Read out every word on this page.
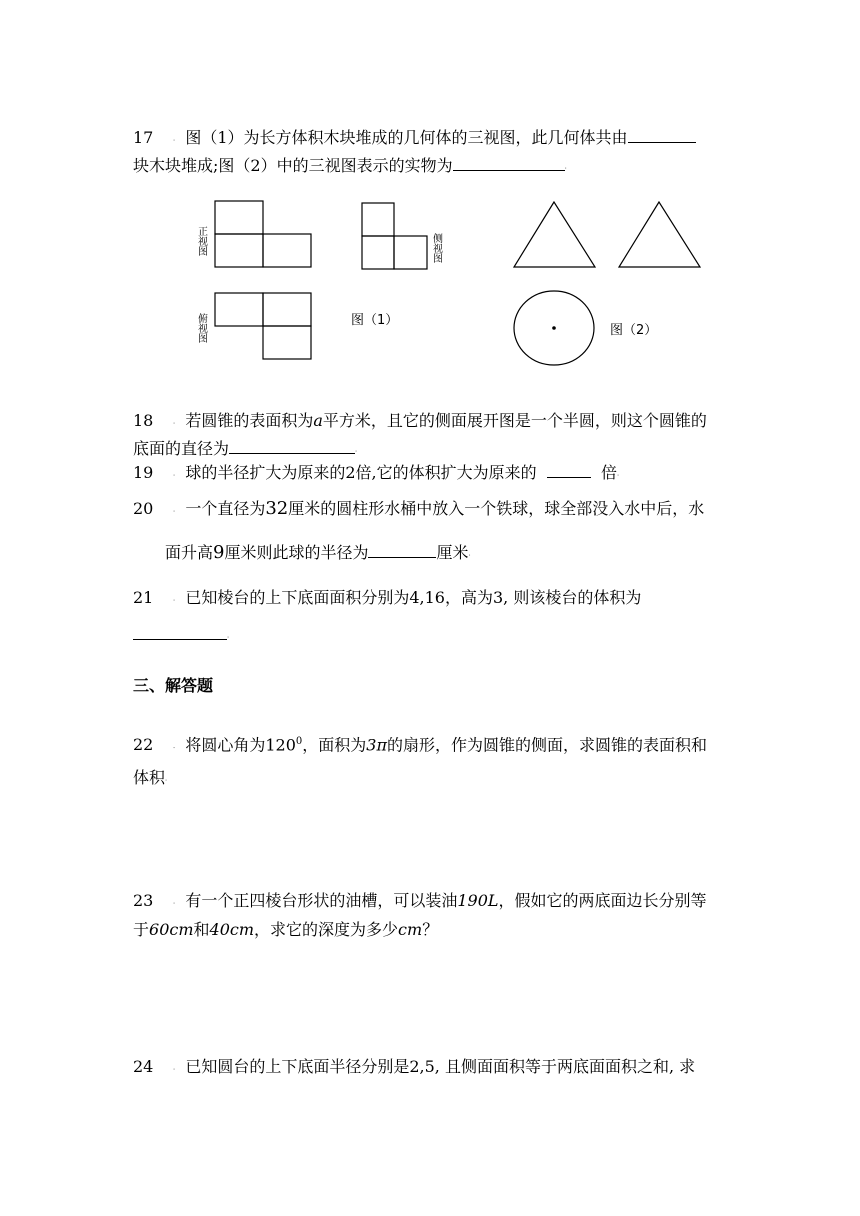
17 ⸱ 图（1）为长方体积木块堆成的几何体的三视图，此几何体共由
块木块堆成;图（2）中的三视图表示的实物为	⸱
正视图	侧视图
俯视图	图（1）
图（2）
18 ⸱ 若圆锥的表面积为a平方米，且它的侧面展开图是一个半圆，则这个圆锥的
底面的直径为	⸱
19 ⸱ 球的半径扩大为原来的2倍,它的体积扩大为原来的	倍⸱
20 ⸱ 一个直径为32厘米的圆柱形水桶中放入一个铁球，球全部没入水中后，水
面升高9厘米则此球的半径为	厘米⸱
21 ⸱ 已知棱台的上下底面面积分别为4,16，高为3, 则该棱台的体积为
⸱
三、解答题
22 ⸱ 将圆心角为$120^0$，面积为3π的扇形，作为圆锥的侧面，求圆锥的表面积和
体积⸱
23 ⸱ 有一个正四棱台形状的油槽，可以装油190L，假如它的两底面边长分别等
于60cm和40cm，求它的深度为多少cm？
24 ⸱ 已知圆台的上下底面半径分别是2,5, 且侧面面积等于两底面面积之和, 求
